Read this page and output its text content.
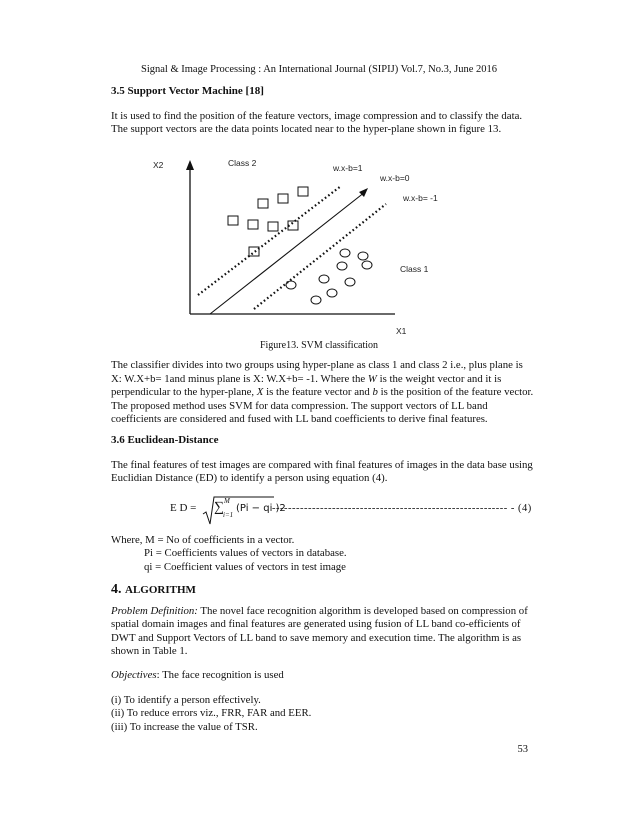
Signal & Image Processing : An International Journal (SIPIJ) Vol.7, No.3, June 2016
3.5 Support Vector Machine [18]
It is used to find the position of the feature vectors, image compression and to classify the data.
The support vectors are the data points located near to the hyper-plane shown in figure 13.
X2
X1
Class 2
Class 1
w.x-b=1
w.x-b=0
w.x-b= -1
Figure13. SVM classification
The classifier divides into two groups using hyper-plane as class 1 and class 2 i.e., plus plane is
X: W.X+b= 1and minus plane is X: W.X+b= -1. Where the W is the weight vector and it is
perpendicular to the hyper-plane, X is the feature vector and b is the position of the feature vector.
The proposed method uses SVM for data compression. The support vectors of LL band
coefficients are considered and fused with LL band coefficients to derive final features.
3.6 Euclidean-Distance
The final features of test images are compared with final features of images in the data base using
Euclidian Distance (ED) to identify a person using equation (4).
E D = ∑ M
i=1
(Pi − qi )2
----------------------------------------------------------- - (4)
Where, M = No of coefficients in a vector.
Pi = Coefficients values of vectors in database.
qi = Coefficient values of vectors in test image
4. ALGORITHM
Problem Definition: The novel face recognition algorithm is developed based on compression of
spatial domain images and final features are generated using fusion of LL band co-efficients of
DWT and Support Vectors of LL band to save memory and execution time. The algorithm is as
shown in Table 1.
Objectives: The face recognition is used
(i) To identify a person effectively.
(ii) To reduce errors viz., FRR, FAR and EER.
(iii) To increase the value of TSR.
53
